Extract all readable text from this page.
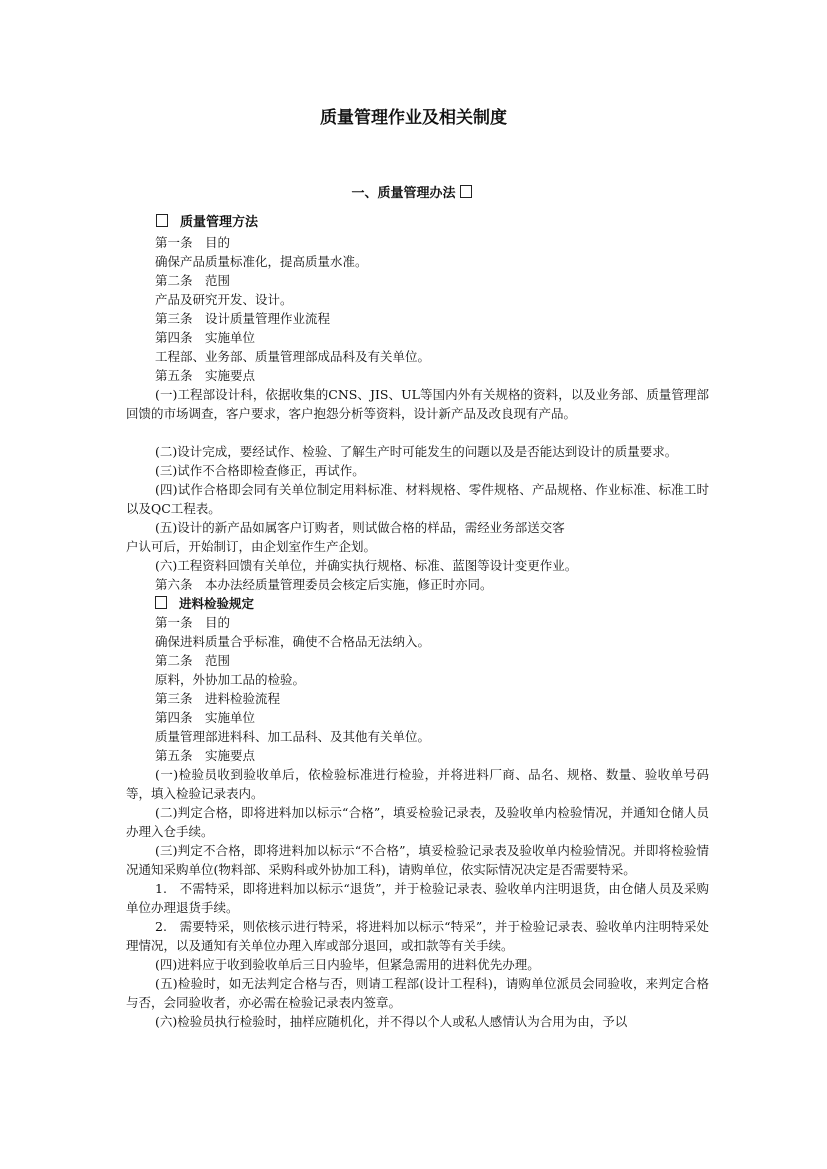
质量管理作业及相关制度
一、质量管理办法
质量管理方法

第一条　目的

确保产品质量标准化，提高质量水准。

第二条　范围

产品及研究开发、设计。

第三条　设计质量管理作业流程

第四条　实施单位

工程部、业务部、质量管理部成品科及有关单位。

第五条　实施要点

(一)工程部设计科，依据收集的CNS、JIS、UL等国内外有关规格的资料，以及业务部、质量管理部回馈的市场调查，客户要求，客户抱怨分析等资料，设计新产品及改良现有产品。

(二)设计完成，要经试作、检验、了解生产时可能发生的问题以及是否能达到设计的质量要求。

(三)试作不合格即检查修正，再试作。

(四)试作合格即会同有关单位制定用料标准、材料规格、零件规格、产品规格、作业标准、标准工时以及QC工程表。

(五)设计的新产品如属客户订购者，则试做合格的样品，需经业务部送交客

户认可后，开始制订，由企划室作生产企划。

(六)工程资料回馈有关单位，并确实执行规格、标准、蓝图等设计变更作业。

第六条　本办法经质量管理委员会核定后实施，修正时亦同。

进料检验规定

第一条　目的

确保进料质量合乎标准，确使不合格品无法纳入。

第二条　范围

原料，外协加工品的检验。

第三条　进料检验流程

第四条　实施单位

质量管理部进料科、加工品科、及其他有关单位。

第五条　实施要点

(一)检验员收到验收单后，依检验标准进行检验，并将进料厂商、品名、规格、数量、验收单号码等，填入检验记录表内。

(二)判定合格，即将进料加以标示“合格”，填妥检验记录表，及验收单内检验情况，并通知仓储人员办理入仓手续。

(三)判定不合格，即将进料加以标示“不合格”，填妥检验记录表及验收单内检验情况。并即将检验情况通知采购单位(物料部、采购科或外协加工科)，请购单位，依实际情况决定是否需要特采。

1.　不需特采，即将进料加以标示“退货”，并于检验记录表、验收单内注明退货，由仓储人员及采购单位办理退货手续。

2.　需要特采，则依核示进行特采，将进料加以标示“特采”，并于检验记录表、验收单内注明特采处理情况，以及通知有关单位办理入库或部分退回，或扣款等有关手续。

(四)进料应于收到验收单后三日内验毕，但紧急需用的进料优先办理。

(五)检验时，如无法判定合格与否，则请工程部(设计工程科)，请购单位派员会同验收，来判定合格与否，会同验收者，亦必需在检验记录表内签章。

(六)检验员执行检验时，抽样应随机化，并不得以个人或私人感情认为合用为由，予以
